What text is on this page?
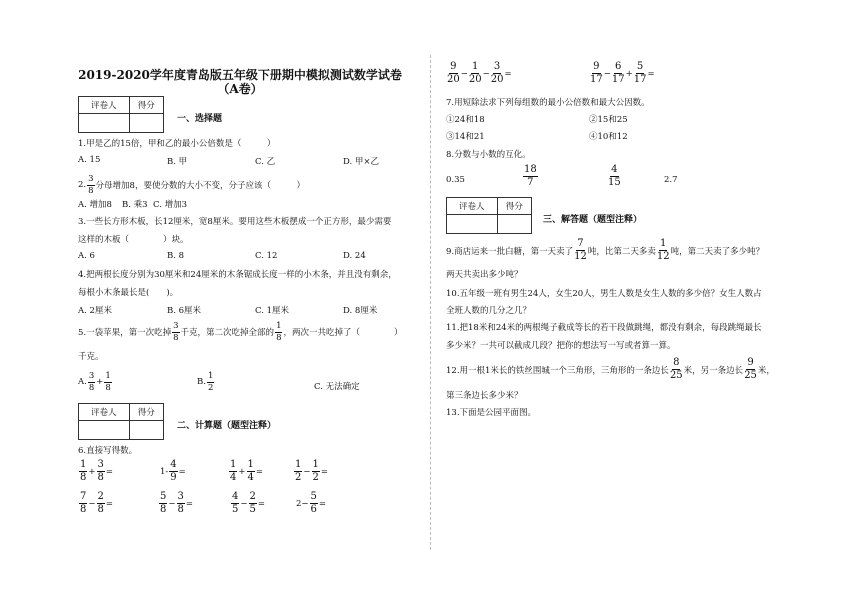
2019-2020学年度青岛版五年级下册期中模拟测试数学试卷
（A卷）
评卷人	得分

一、选择题
1.甲是乙的15倍，甲和乙的最小公倍数是（　　　）
A. 15	B. 甲	C. 乙	D. 甲×乙
2. $\frac{3}{8}$ 分母增加8，要使分数的大小不变，分子应该（　　　）
A. 增加8 B. 乘3 C. 增加3
3.一些长方形木板，长12厘米，宽8厘米。要用这些木板摆成一个正方形，最少需要
这样的木板（　　　　）块。
A. 6	B. 8	C. 12	D. 24
4.把两根长度分别为30厘米和24厘米的木条锯成长度一样的小木条，并且没有剩余，
每根小木条最长是(　　)。
A. 2厘米	B. 6厘米	C. 1厘米	D. 8厘米
5.一袋苹果，第一次吃掉 $\frac{3}{8}$ 千克，第二次吃掉全部的 $\frac{1}{8}$ ，两次一共吃掉了（　　　　）
千克。
A. $\frac{3}{8} + \frac{1}{8}$	B. $\frac{1}{2}$	C. 无法确定
评卷人	得分

二、计算题（题型注释）
6.直接写得数。
$\frac{1}{8} + \frac{3}{8}$ =	$1- \frac{4}{9}$ =	$\frac{1}{4} + \frac{1}{4}$ =	$\frac{1}{2} - \frac{1}{2}$ =
$\frac{7}{8} - \frac{2}{8}$ =	$\frac{5}{8} - \frac{3}{8}$ =	$\frac{4}{5} - \frac{2}{5}$ =	$2- \frac{5}{6}$ =
$\frac{9}{20} - \frac{1}{20} - \frac{3}{20}$ =	$\frac{9}{17} - \frac{6}{17} + \frac{5}{17}$ =
7.用短除法求下列每组数的最小公倍数和最大公因数。
①24和18	②15和25
③14和21	④10和12
8.分数与小数的互化。
0.35	$\frac{18}{7}$	$\frac{4}{15}$	2.7
评卷人	得分

三、解答题（题型注释）
9.商店运来一批白糖，第一天卖了 $\frac{7}{12}$ 吨，比第二天多卖 $\frac{1}{12}$ 吨，第二天卖了多少吨？
两天共卖出多少吨？
10.五年级一班有男生24人，女生20人，男生人数是女生人数的多少倍？女生人数占
全班人数的几分之几？
11.把18米和24米的两根绳子截成等长的若干段做跳绳，都没有剩余，每段跳绳最长
多少米？一共可以截成几段？把你的想法写一写或者算一算。
12.用一根1米长的铁丝围城一个三角形，三角形的一条边长 $\frac{8}{25}$ 米，另一条边长 $\frac{9}{25}$ 米，
第三条边长多少米？
13.下面是公园平面图。
